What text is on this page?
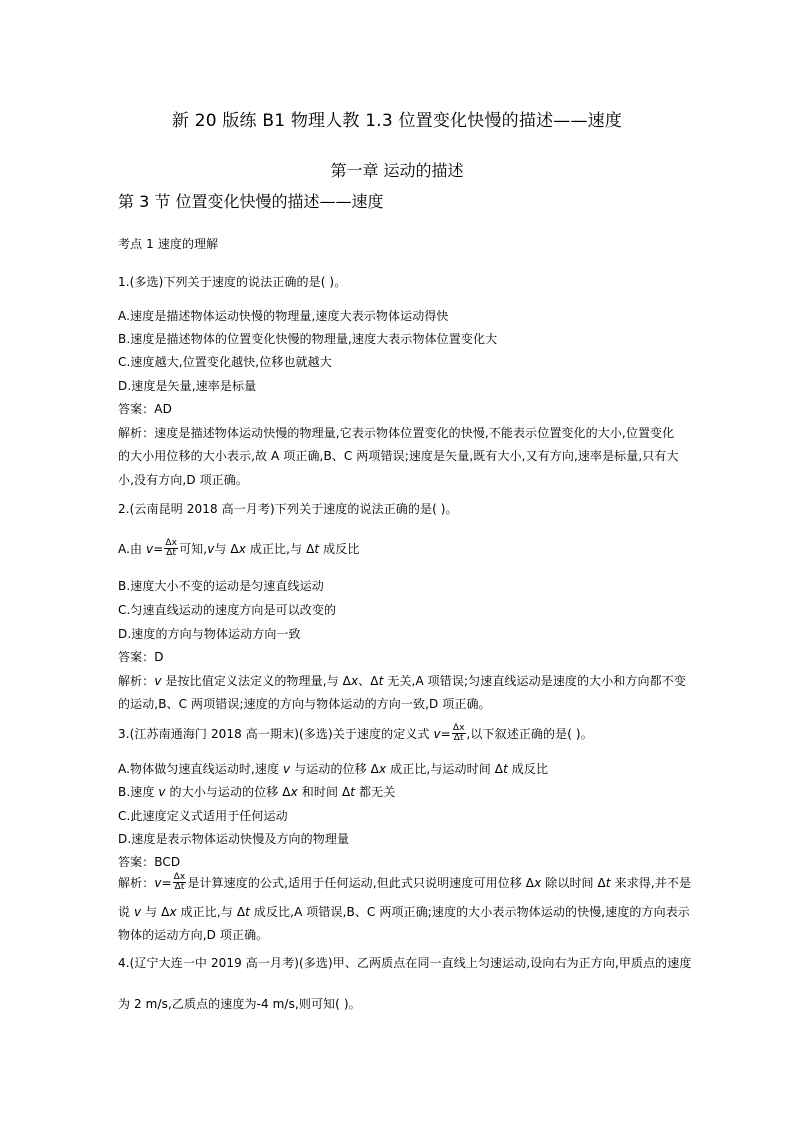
新 20 版练 B1 物理人教 1.3 位置变化快慢的描述——速度
第一章 运动的描述
第 3 节 位置变化快慢的描述——速度
考点 1 速度的理解
1.(多选)下列关于速度的说法正确的是( )。
A.速度是描述物体运动快慢的物理量,速度大表示物体运动得快
B.速度是描述物体的位置变化快慢的物理量,速度大表示物体位置变化大
C.速度越大,位置变化越快,位移也就越大
D.速度是矢量,速率是标量
答案：AD
解析：速度是描述物体运动快慢的物理量,它表示物体位置变化的快慢,不能表示位置变化的大小,位置变化
的大小用位移的大小表示,故 A 项正确,B、C 两项错误;速度是矢量,既有大小,又有方向,速率是标量,只有大
小,没有方向,D 项正确。
2.(云南昆明 2018 高一月考)下列关于速度的说法正确的是( )。
A.由 $v= \frac{\Delta x}{\Delta t}$ 可知,v与 Δx 成正比,与 Δt 成反比
B.速度大小不变的运动是匀速直线运动
C.匀速直线运动的速度方向是可以改变的
D.速度的方向与物体运动方向一致
答案：D
解析：v 是按比值定义法定义的物理量,与 Δx、Δt 无关,A 项错误;匀速直线运动是速度的大小和方向都不变
的运动,B、C 两项错误;速度的方向与物体运动的方向一致,D 项正确。
3.(江苏南通海门 2018 高一期末)(多选)关于速度的定义式 $v= \frac{\Delta x}{\Delta t}$ ,以下叙述正确的是( )。
A.物体做匀速直线运动时,速度 v 与运动的位移 Δx 成正比,与运动时间 Δt 成反比
B.速度 v 的大小与运动的位移 Δx 和时间 Δt 都无关
C.此速度定义式适用于任何运动
D.速度是表示物体运动快慢及方向的物理量
答案：BCD
解析：$v= \frac{\Delta x}{\Delta t}$ 是计算速度的公式,适用于任何运动,但此式只说明速度可用位移 Δx 除以时间 Δt 来求得,并不是
说 v 与 Δx 成正比,与 Δt 成反比,A 项错误,B、C 两项正确;速度的大小表示物体运动的快慢,速度的方向表示
物体的运动方向,D 项正确。
4.(辽宁大连一中 2019 高一月考)(多选)甲、乙两质点在同一直线上匀速运动,设向右为正方向,甲质点的速度
为 2 m/s,乙质点的速度为-4 m/s,则可知( )。
